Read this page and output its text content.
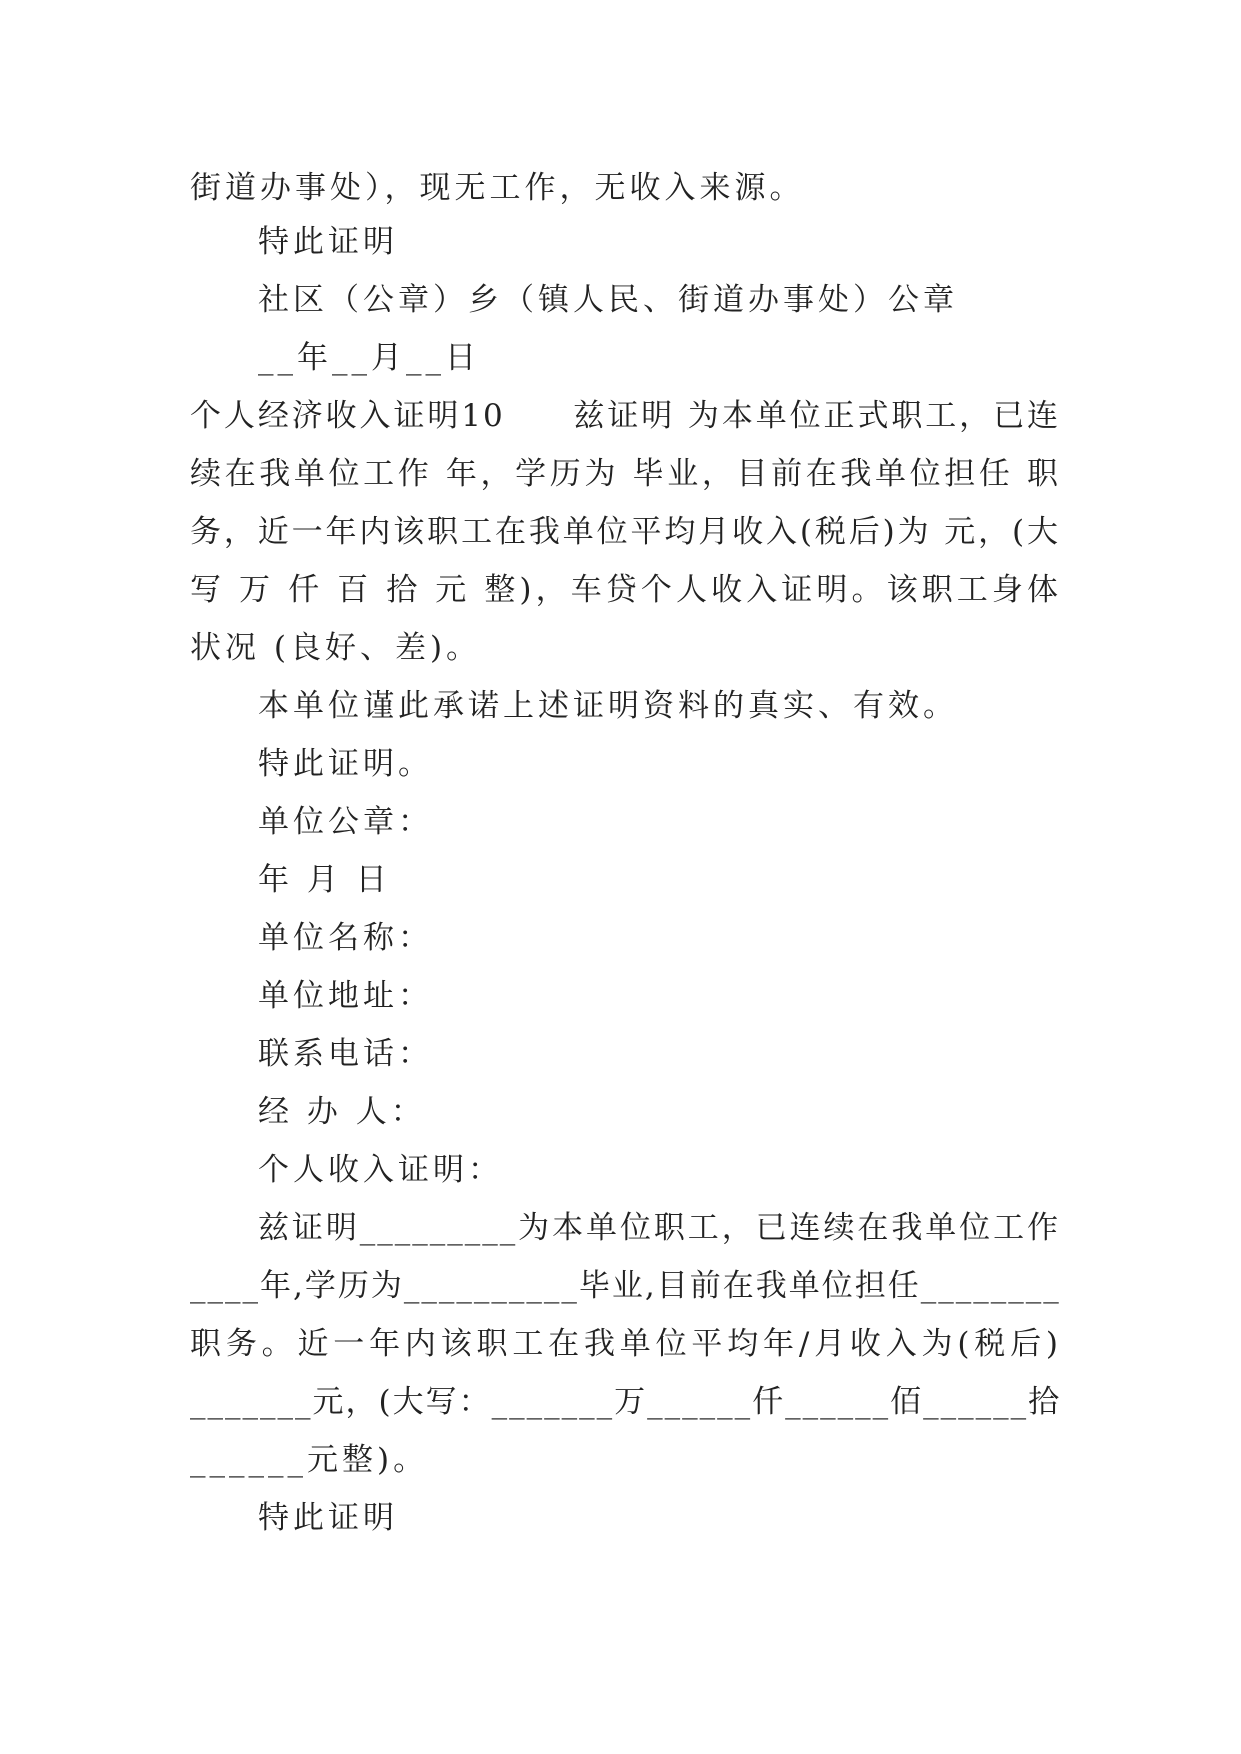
街道办事处），现无工作，无收入来源。
特此证明
社区（公章）乡（镇人民、街道办事处）公章
__年__月__日
个人经济收入证明10　　兹证明 为本单位正式职工，已连
续在我单位工作 年，学历为 毕业，目前在我单位担任 职
务，近一年内该职工在我单位平均月收入(税后)为 元，(大
写 万 仟 百 拾 元 整)，车贷个人收入证明。该职工身体
状况 (良好、差)。
本单位谨此承诺上述证明资料的真实、有效。
特此证明。
单位公章：
年 月 日
单位名称：
单位地址：
联系电话：
经 办 人：
个人收入证明：
兹证明_________为本单位职工，已连续在我单位工作
____年,学历为__________毕业,目前在我单位担任________
职务。近一年内该职工在我单位平均年/月收入为(税后)
_______元，(大写：_______万______仟______佰______拾
______元整)。
特此证明
